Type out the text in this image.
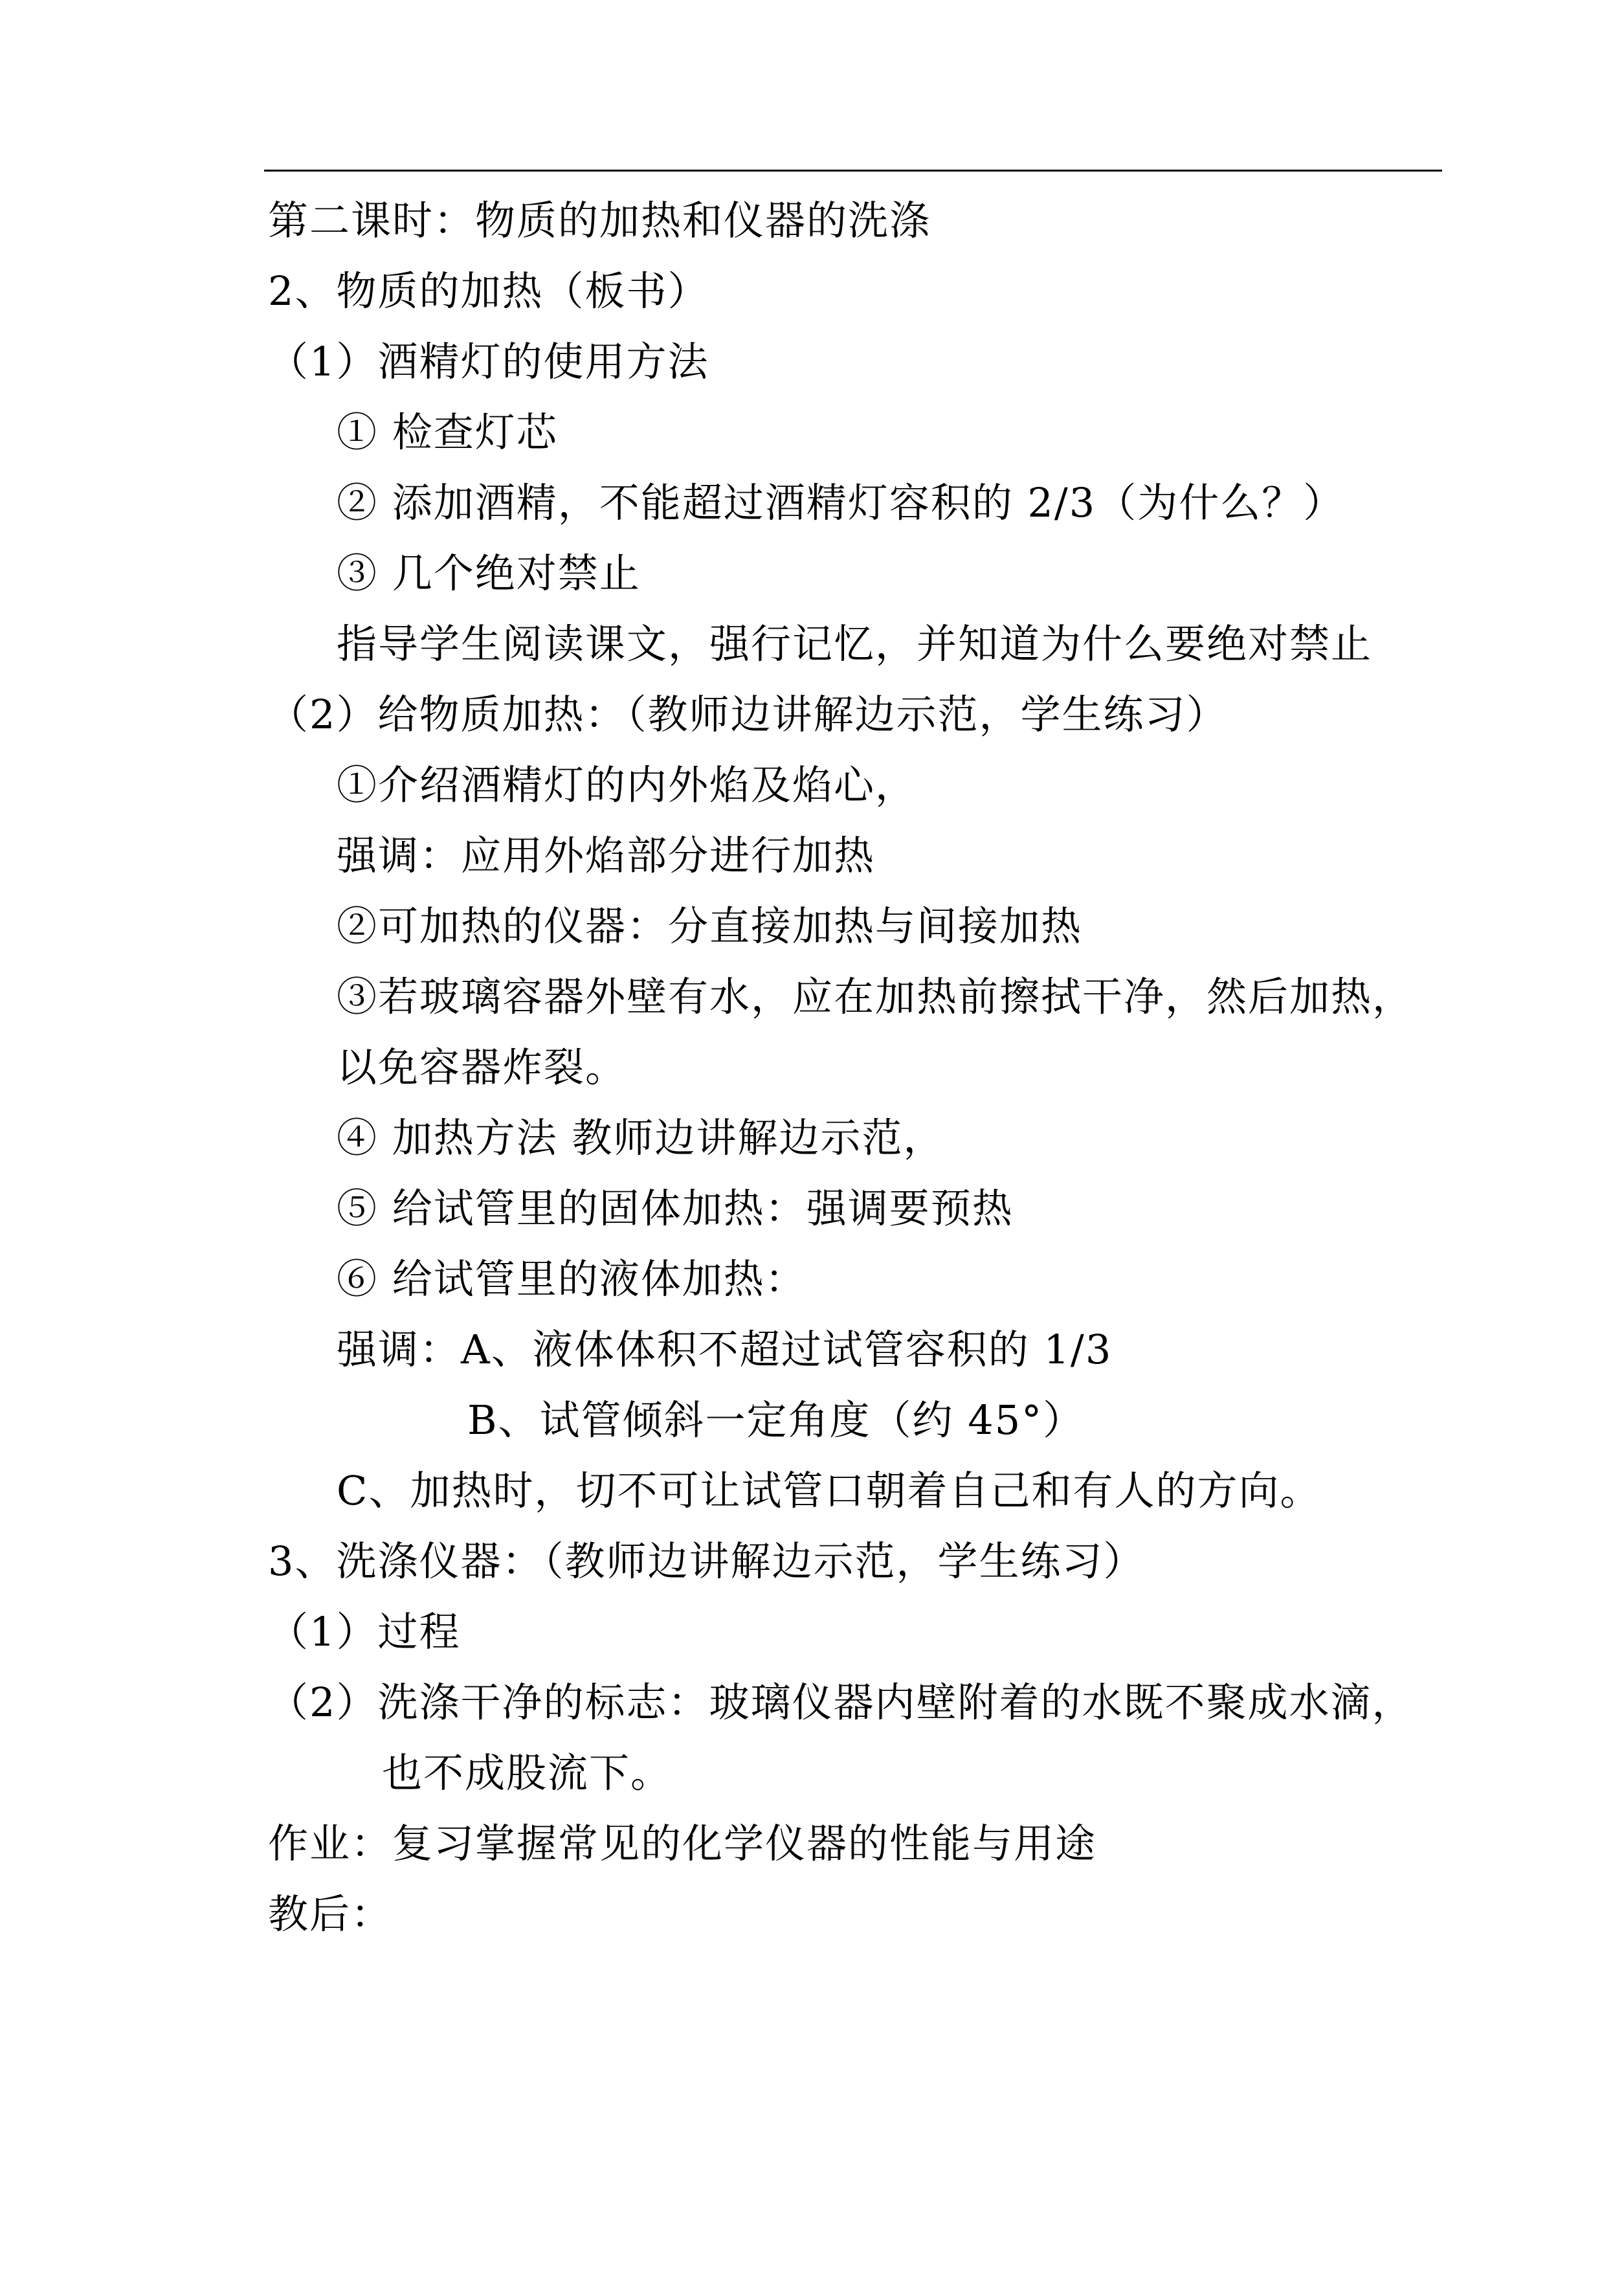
第二课时：物质的加热和仪器的洗涤
2、物质的加热（板书）
（1）酒精灯的使用方法
① 检查灯芯
② 添加酒精，不能超过酒精灯容积的 2/3（为什么？）
③ 几个绝对禁止
指导学生阅读课文，强行记忆，并知道为什么要绝对禁止
（2）给物质加热：（教师边讲解边示范，学生练习）
①介绍酒精灯的内外焰及焰心，
强调：应用外焰部分进行加热
②可加热的仪器：分直接加热与间接加热
③若玻璃容器外壁有水，应在加热前擦拭干净，然后加热，
以免容器炸裂。
④ 加热方法 教师边讲解边示范，
⑤ 给试管里的固体加热：强调要预热
⑥ 给试管里的液体加热：
强调：A、液体体积不超过试管容积的 1/3
B、试管倾斜一定角度（约 45°）
C、加热时，切不可让试管口朝着自己和有人的方向。
3、洗涤仪器：（教师边讲解边示范，学生练习）
（1）过程
（2）洗涤干净的标志：玻璃仪器内壁附着的水既不聚成水滴，
也不成股流下。
作业：复习掌握常见的化学仪器的性能与用途
教后：
